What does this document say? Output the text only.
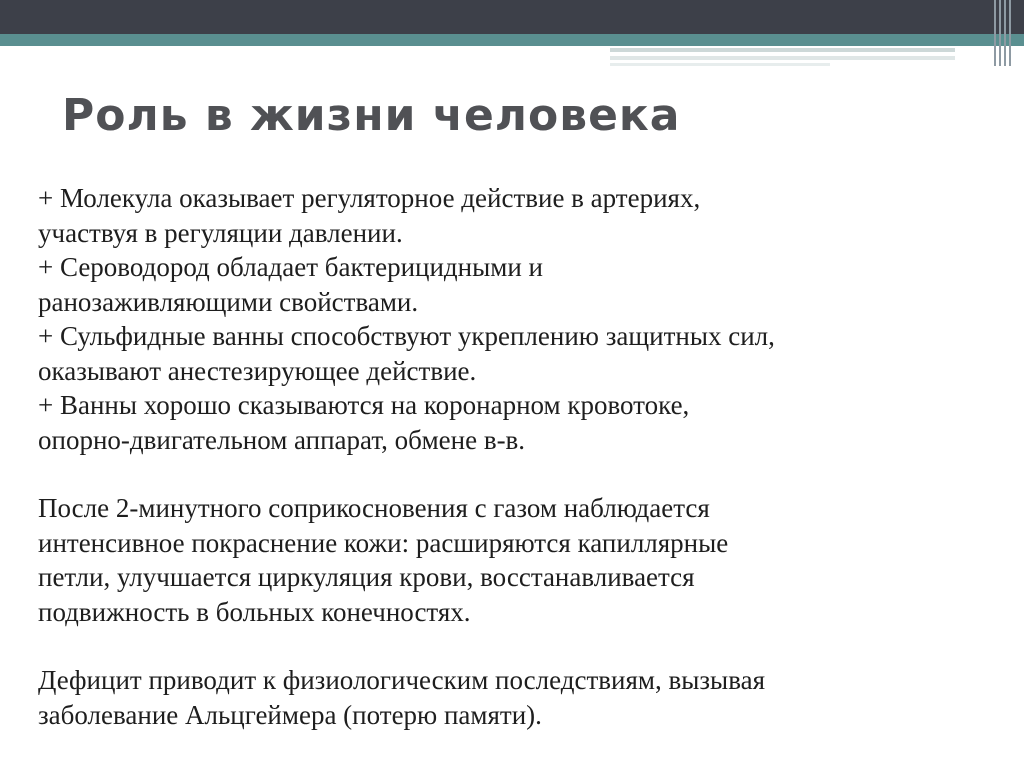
Роль в жизни человека

+ Молекула оказывает регуляторное действие в артериях,

участвуя в регуляции давлении.

+ Сероводород обладает бактерицидными и

ранозаживляющими свойствами.

+ Сульфидные ванны способствуют укреплению защитных сил,

оказывают анестезирующее действие.

+ Ванны хорошо сказываются на коронарном кровотоке,

опорно-двигательном аппарат, обмене в-в.

После 2-минутного соприкосновения с газом наблюдается

интенсивное покраснение кожи: расширяются капиллярные

петли, улучшается циркуляция крови, восстанавливается

подвижность в больных конечностях.

Дефицит приводит к физиологическим последствиям, вызывая

заболевание Альцгеймера (потерю памяти).
